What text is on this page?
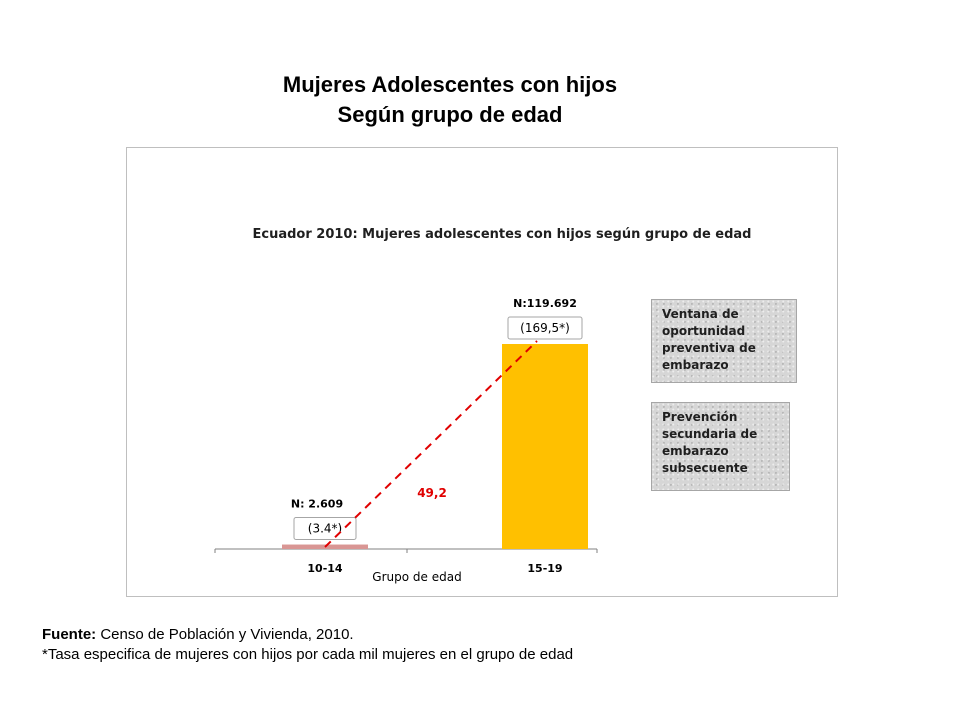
Mujeres Adolescentes con hijos
Según grupo de edad
Ecuador 2010: Mujeres adolescentes con hijos según grupo de edad
10-14
(3.4*)
N: 2.609
15-19
(169,5*)
N:119.692
49,2
Grupo de edad
Ventana de
oportunidad
preventiva de
embarazo
Prevención
secundaria de
embarazo
subsecuente
Fuente: Censo de Población y Vivienda, 2010.
*Tasa especifica de mujeres con hijos por cada mil mujeres en el grupo de edad
